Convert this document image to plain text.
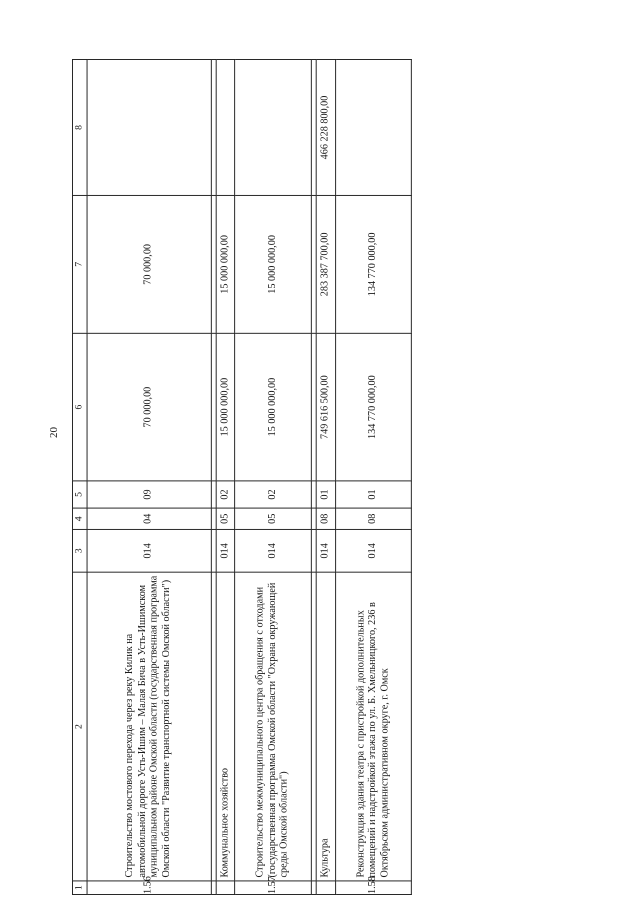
20
1	2	3	4	5	6	7	8
1.56	Строительство мостового перехода через реку Килик на автомобильной дороге Усть-Ишим – Малая Бича в Усть-Ишимском муниципальном районе Омской области (государственная программа Омской области "Развитие транспортной системы Омской области")	014	04	09	70 000,00	70 000,00	

	Коммунальное хозяйство	014	05	02	15 000 000,00	15 000 000,00	
1.57	Строительство межмуниципального центра обращения с отходами (государственная программа Омской области "Охрана окружающей среды Омской области")	014	05	02	15 000 000,00	15 000 000,00	

	Культура	014	08	01	749 616 500,00	283 387 700,00	466 228 800,00
1.58	Реконструкция здания театра с пристройкой дополнительных помещений и надстройкой этажа по ул. Б. Хмельницкого, 236 в Октябрьском административном округе, г. Омск	014	08	01	134 770 000,00	134 770 000,00	
